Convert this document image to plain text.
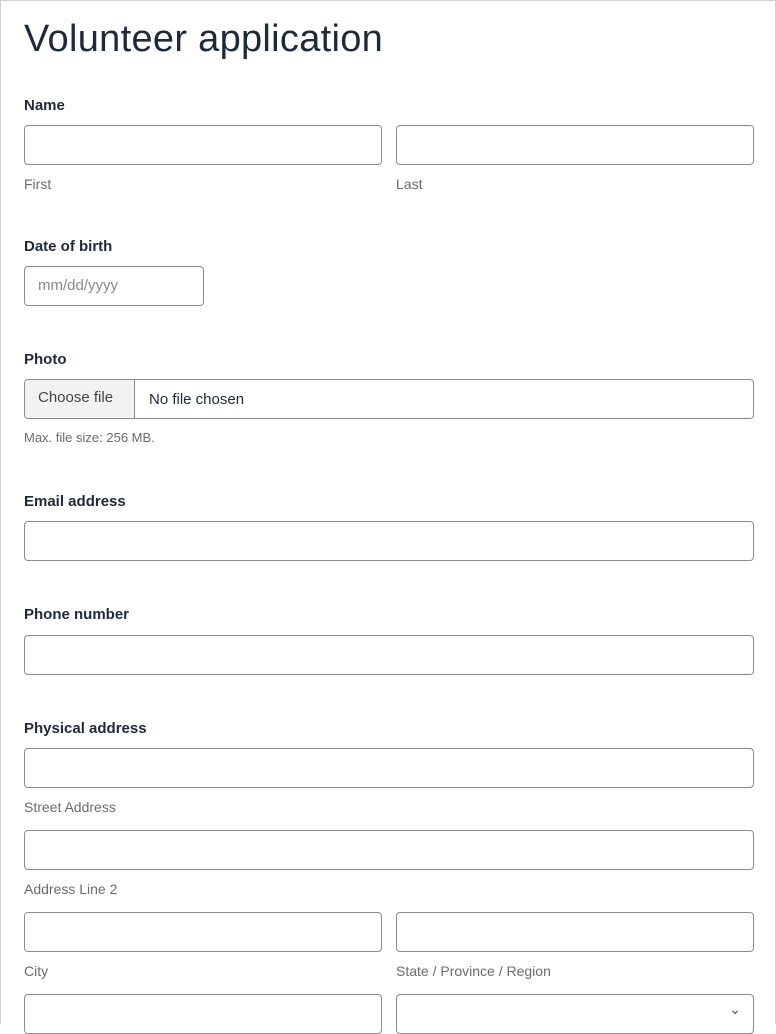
Volunteer application
Name
First	Last
Date of birth
mm/dd/yyyy
Photo
Choose file	No file chosen
Max. file size: 256 MB.
Email address
Phone number
Physical address
Street Address
Address Line 2
City	State / Province / Region
⌄
